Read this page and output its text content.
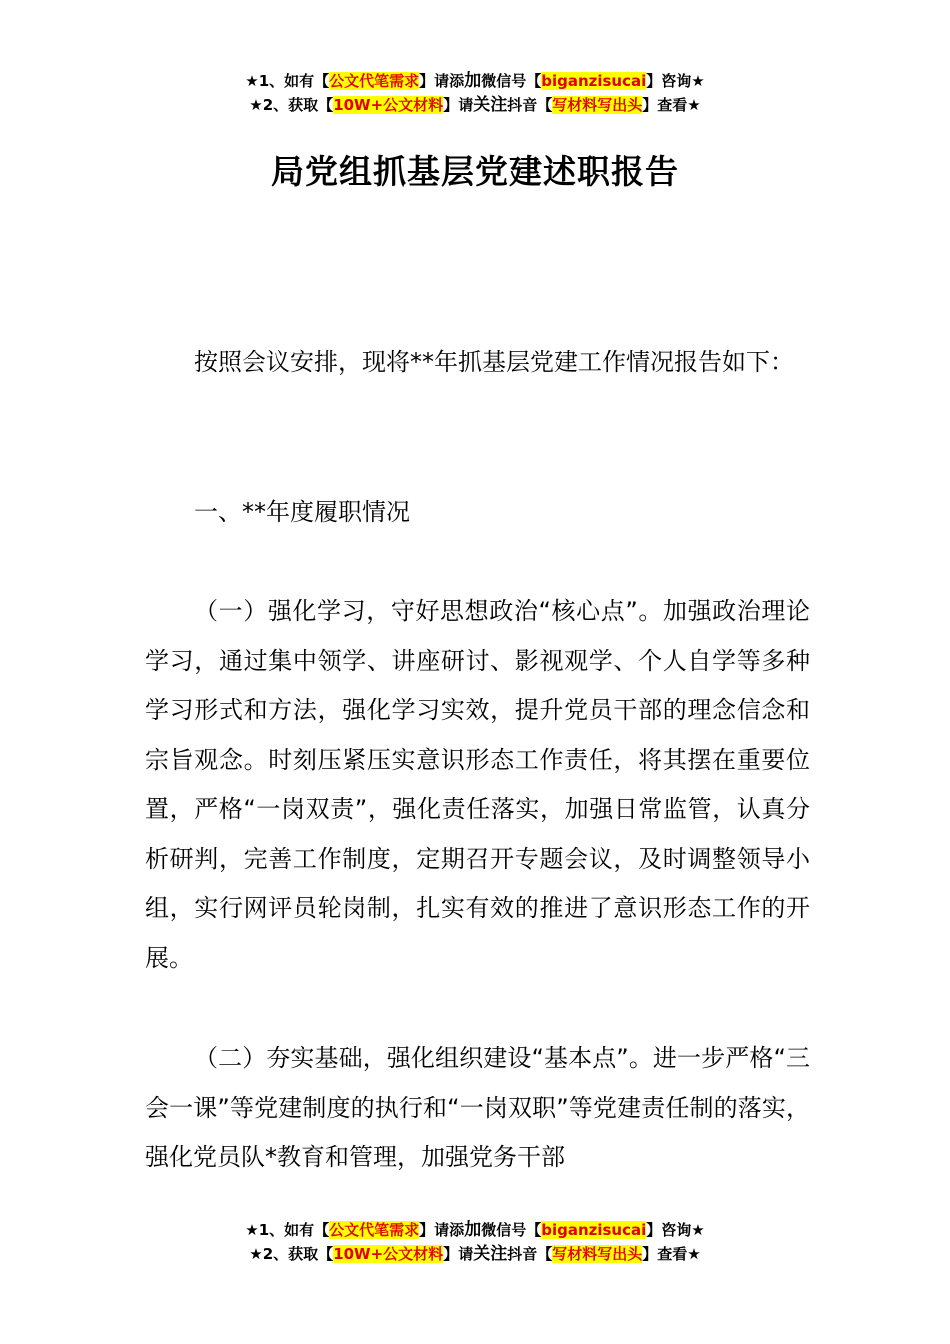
★1、如有【公文代笔需求】请添加微信号【biganzisucai】咨询★
★2、获取【10W+公文材料】请关注抖音【写材料写出头】查看★
局党组抓基层党建述职报告

按照会议安排，现将**年抓基层党建工作情况报告如下：

一、**年度履职情况

（一）强化学习，守好思想政治“核心点”。加强政治理论学习，通过集中领学、讲座研讨、影视观学、个人自学等多种学习形式和方法，强化学习实效，提升党员干部的理念信念和宗旨观念。时刻压紧压实意识形态工作责任，将其摆在重要位置，严格“一岗双责”，强化责任落实，加强日常监管，认真分析研判，完善工作制度，定期召开专题会议，及时调整领导小组，实行网评员轮岗制，扎实有效的推进了意识形态工作的开展。

（二）夯实基础，强化组织建设“基本点”。进一步严格“三会一课”等党建制度的执行和“一岗双职”等党建责任制的落实，强化党员队*教育和管理，加强党务干部

★1、如有【公文代笔需求】请添加微信号【biganzisucai】咨询★
★2、获取【10W+公文材料】请关注抖音【写材料写出头】查看★
